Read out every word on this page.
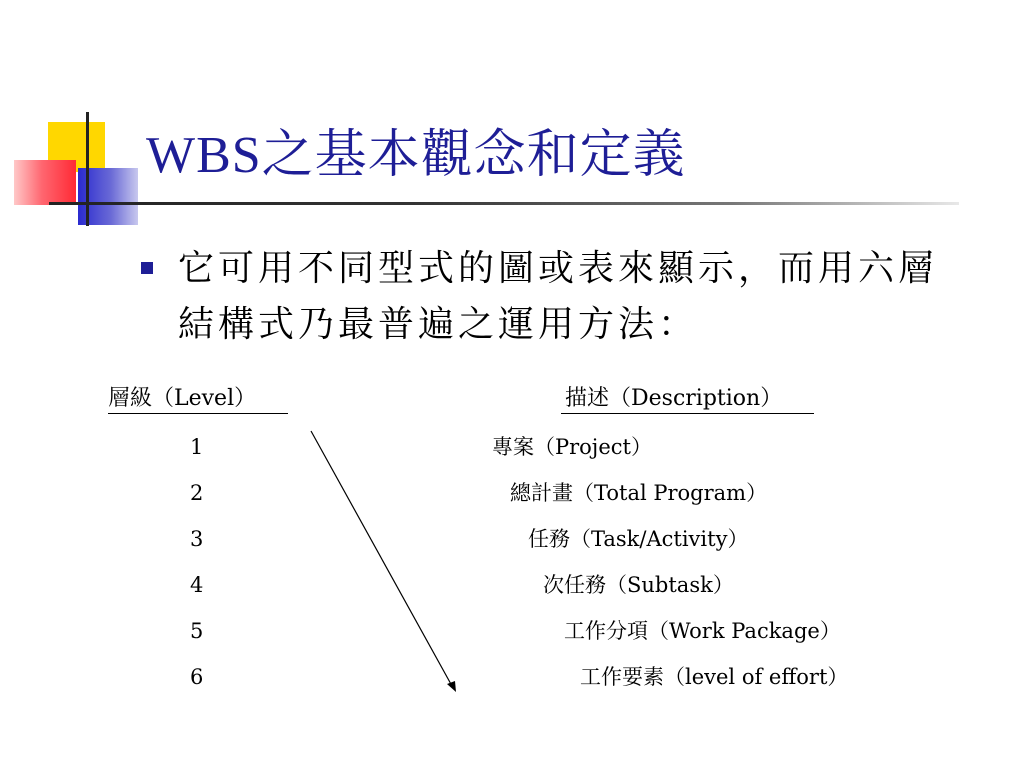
WBS之基本觀念和定義

它可用不同型式的圖或表來顯示，而用六層結構式乃最普遍之運用方法：

層級（Level）	描述（Description）
1	專案（Project）
2	總計畫（Total Program）
3	任務（Task/Activity）
4	次任務（Subtask）
5	工作分項（Work Package）
6	工作要素（level of effort）
